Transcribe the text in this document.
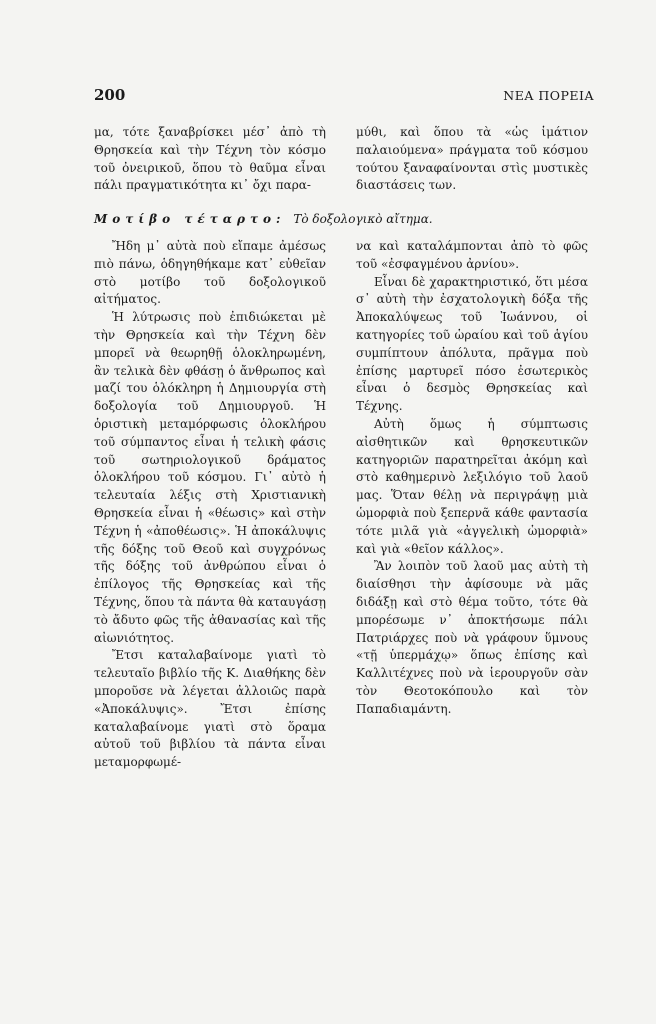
200	ΝΕΑ ΠΟΡΕΙΑ

μα, τότε ξαναβρίσκει μέσ᾿ ἀπὸ τὴ Θρησκεία καὶ τὴν Τέχνη τὸν κόσμο τοῦ ὀνειρικοῦ, ὅπου τὸ θαῦμα εἶναι πάλι πραγματικότητα κι᾿ ὄχι παρα-

μύθι, καὶ ὅπου τὰ «ὡς ἱμάτιον παλαιούμενα» πράγματα τοῦ κόσμου τούτου ξαναφαίνονται στὶς μυστικὲς διαστάσεις των.

Μοτίβο τέταρτο: Τὸ δοξολογικὸ αἴτημα.

Ἤδη μ᾿ αὐτὰ ποὺ εἴπαμε ἀμέσως πιὸ πάνω, ὁδηγηθήκαμε κατ᾿ εὐθεῖαν στὸ μοτίβο τοῦ δοξολογικοῦ αἰτήματος.

Ἡ λύτρωσις ποὺ ἐπιδιώκεται μὲ τὴν Θρησκεία καὶ τὴν Τέχνη δὲν μπορεῖ νὰ θεωρηθῇ ὁλοκληρωμένη, ἂν τελικὰ δὲν φθάσῃ ὁ ἄνθρωπος καὶ μαζί του ὁλόκληρη ἡ Δημιουργία στὴ δοξολογία τοῦ Δημιουργοῦ. Ἡ ὁριστικὴ μεταμόρφωσις ὁλοκλήρου τοῦ σύμπαντος εἶναι ἡ τελικὴ φάσις τοῦ σωτηριολογικοῦ δράματος ὁλοκλήρου τοῦ κόσμου. Γι᾿ αὐτὸ ἡ τελευταία λέξις στὴ Χριστιανικὴ Θρησκεία εἶναι ἡ «θέωσις» καὶ στὴν Τέχνη ἡ «ἀποθέωσις». Ἡ ἀποκάλυψις τῆς δόξης τοῦ Θεοῦ καὶ συγχρόνως τῆς δόξης τοῦ ἀνθρώπου εἶναι ὁ ἐπίλογος τῆς Θρησκείας καὶ τῆς Τέχνης, ὅπου τὰ πάντα θὰ καταυγάσῃ τὸ ἄδυτο φῶς τῆς ἀθανασίας καὶ τῆς αἰωνιότητος.

Ἔτσι καταλαβαίνομε γιατὶ τὸ τελευταῖο βιβλίο τῆς Κ. Διαθήκης δὲν μποροῦσε νὰ λέγεται ἀλλοιῶς παρὰ «Ἀποκάλυψις». Ἔτσι ἐπίσης καταλαβαίνομε γιατὶ στὸ ὅραμα αὐτοῦ τοῦ βιβλίου τὰ πάντα εἶναι μεταμορφωμέ-

να καὶ καταλάμπονται ἀπὸ τὸ φῶς τοῦ «ἐσφαγμένου ἀρνίου».

Εἶναι δὲ χαρακτηριστικό, ὅτι μέσα σ᾿ αὐτὴ τὴν ἐσχατολογικὴ δόξα τῆς Ἀποκαλύψεως τοῦ Ἰωάννου, οἱ κατηγορίες τοῦ ὡραίου καὶ τοῦ ἁγίου συμπίπτουν ἀπόλυτα, πρᾶγμα ποὺ ἐπίσης μαρτυρεῖ πόσο ἐσωτερικὸς εἶναι ὁ δεσμὸς Θρησκείας καὶ Τέχνης.

Αὐτὴ ὅμως ἡ σύμπτωσις αἰσθητικῶν καὶ θρησκευτικῶν κατηγοριῶν παρατηρεῖται ἀκόμη καὶ στὸ καθημερινὸ λεξιλόγιο τοῦ λαοῦ μας. Ὅταν θέλῃ νὰ περιγράψῃ μιὰ ὡμορφιὰ ποὺ ξεπερνᾶ κάθε φαντασία τότε μιλᾶ γιὰ «ἀγγελικὴ ὡμορφιὰ» καὶ γιὰ «θεῖον κάλλος».

Ἂν λοιπὸν τοῦ λαοῦ μας αὐτὴ τὴ διαίσθησι τὴν ἀφίσουμε νὰ μᾶς διδάξῃ καὶ στὸ θέμα τοῦτο, τότε θὰ μπορέσωμε ν᾿ ἀποκτήσωμε πάλι Πατριάρχες ποὺ νὰ γράφουν ὕμνους «τῇ ὑπερμάχῳ» ὅπως ἐπίσης καὶ Καλλιτέχνες ποὺ νὰ ἱερουργοῦν σὰν τὸν Θεοτοκόπουλο καὶ τὸν Παπαδιαμάντη.
